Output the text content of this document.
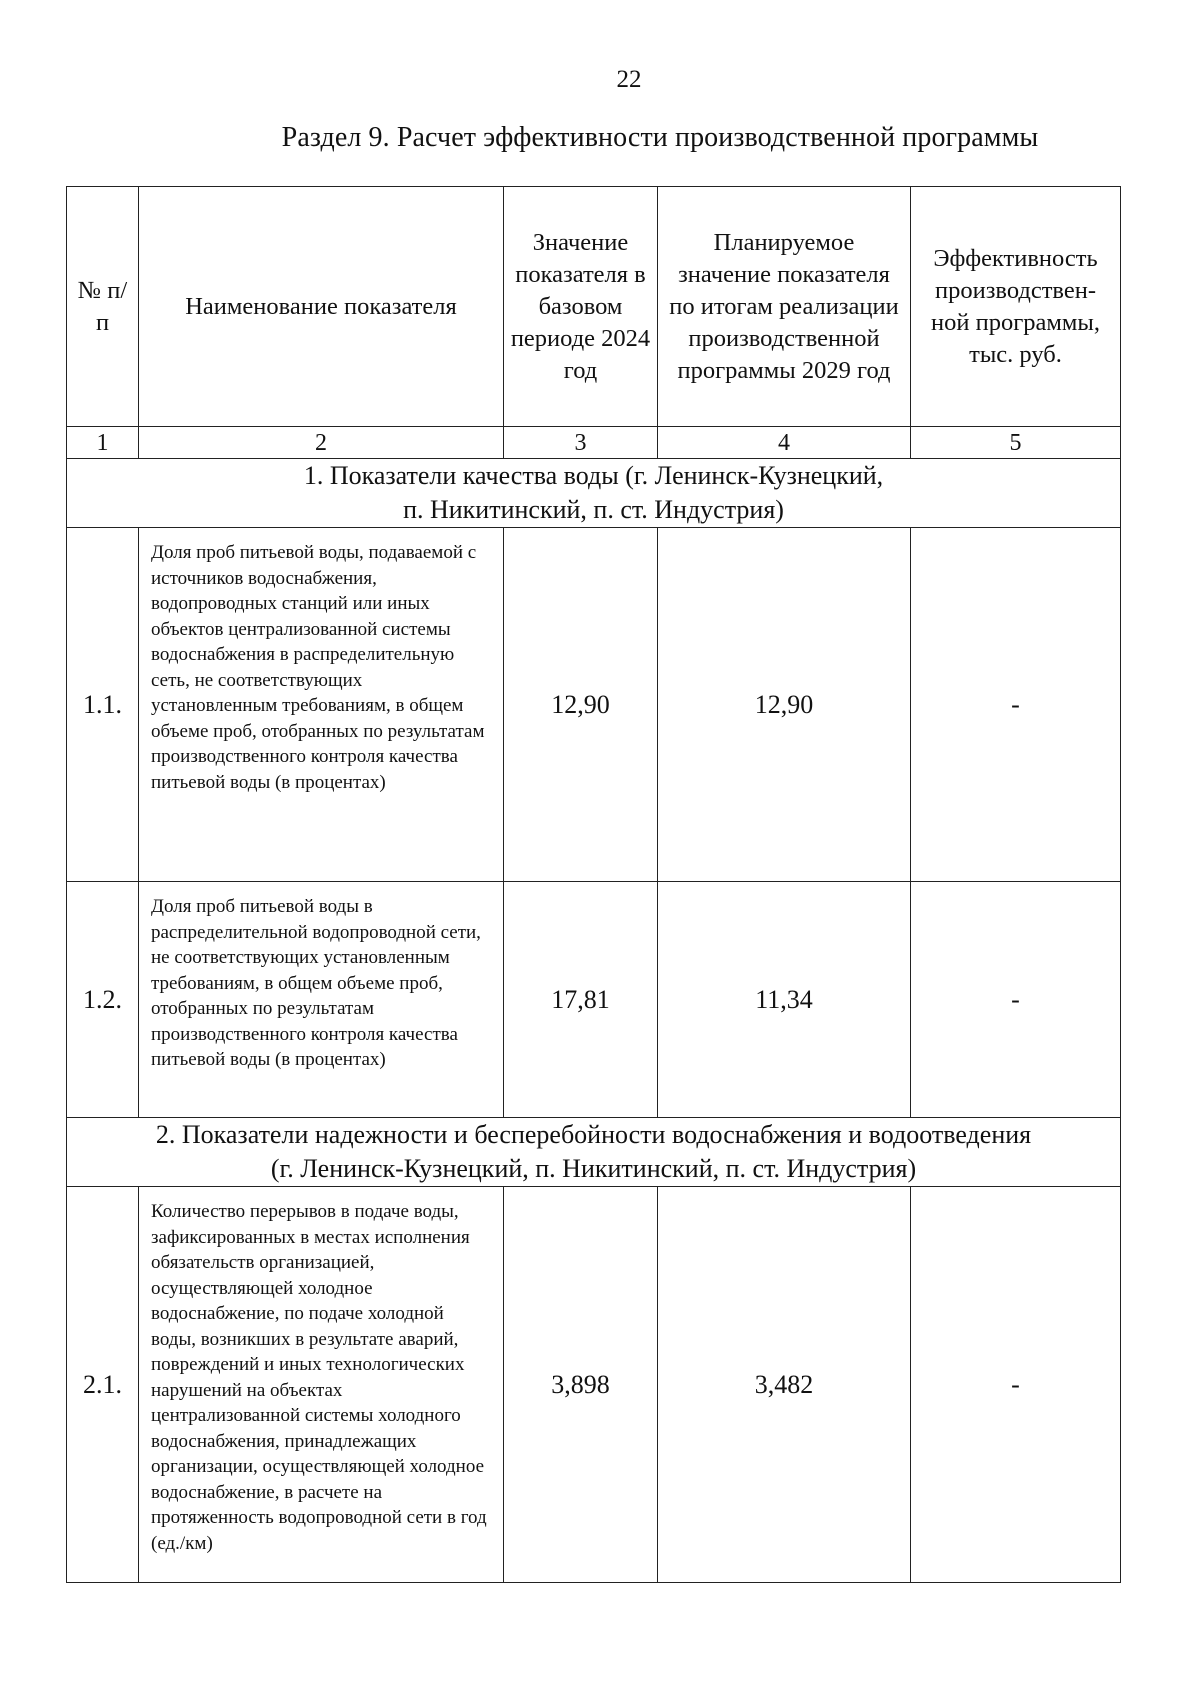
22
Раздел 9. Расчет эффективности производственной программы
№ п/п	Наименование показателя	Значение показателя в базовом периоде 2024 год	Планируемое значение показателя по итогам реализации производственной программы 2029 год	Эффективность производствен-ной программы, тыс. руб.
1	2	3	4	5

1. Показатели качества воды (г. Ленинск-Кузнецкий,
п. Никитинский, п. ст. Индустрия)				

1.1.	Доля проб питьевой воды, подаваемой с источников водоснабжения, водопроводных станций или иных объектов централизованной системы водоснабжения в распределительную сеть, не соответствующих установленным требованиям, в общем объеме проб, отобранных по результатам производственного контроля качества питьевой воды (в процентах)	12,90	12,90	-
1.2.	Доля проб питьевой воды в распределительной водопроводной сети, не соответствующих установленным требованиям, в общем объеме проб, отобранных по результатам производственного контроля качества питьевой воды (в процентах)	17,81	11,34	-

2. Показатели надежности и бесперебойности водоснабжения и водоотведения
(г. Ленинск-Кузнецкий, п. Никитинский, п. ст. Индустрия)				

2.1.	Количество перерывов в подаче воды, зафиксированных в местах исполнения обязательств организацией, осуществляющей холодное водоснабжение, по подаче холодной воды, возникших в результате аварий, повреждений и иных технологических нарушений на объектах централизованной системы холодного водоснабжения, принадлежащих организации, осуществляющей холодное водоснабжение, в расчете на протяженность водопроводной сети в год (ед./км)	3,898	3,482	-
